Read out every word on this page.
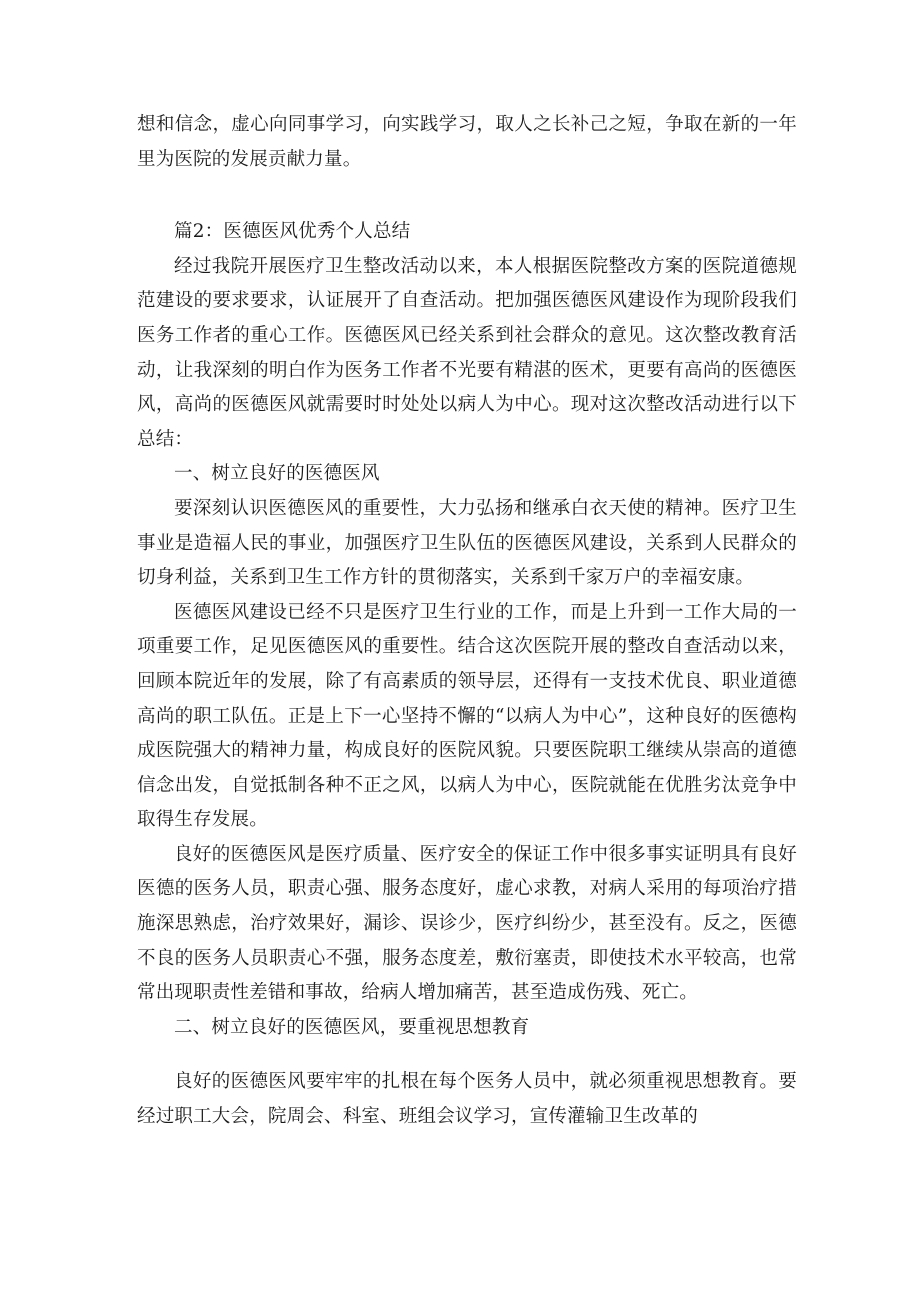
想和信念，虚心向同事学习，向实践学习，取人之长补己之短，争取在新的一年里为医院的发展贡献力量。

篇2：医德医风优秀个人总结

经过我院开展医疗卫生整改活动以来，本人根据医院整改方案的医院道德规范建设的要求要求，认证展开了自查活动。把加强医德医风建设作为现阶段我们医务工作者的重心工作。医德医风已经关系到社会群众的意见。这次整改教育活动，让我深刻的明白作为医务工作者不光要有精湛的医术，更要有高尚的医德医风，高尚的医德医风就需要时时处处以病人为中心。现对这次整改活动进行以下总结：

一、树立良好的医德医风

要深刻认识医德医风的重要性，大力弘扬和继承白衣天使的精神。医疗卫生事业是造福人民的事业，加强医疗卫生队伍的医德医风建设，关系到人民群众的切身利益，关系到卫生工作方针的贯彻落实，关系到千家万户的幸福安康。

医德医风建设已经不只是医疗卫生行业的工作，而是上升到一工作大局的一项重要工作，足见医德医风的重要性。结合这次医院开展的整改自查活动以来，回顾本院近年的发展，除了有高素质的领导层，还得有一支技术优良、职业道德高尚的职工队伍。正是上下一心坚持不懈的“以病人为中心”，这种良好的医德构成医院强大的精神力量，构成良好的医院风貌。只要医院职工继续从崇高的道德信念出发，自觉抵制各种不正之风，以病人为中心，医院就能在优胜劣汰竞争中取得生存发展。

良好的医德医风是医疗质量、医疗安全的保证工作中很多事实证明具有良好医德的医务人员，职责心强、服务态度好，虚心求教，对病人采用的每项治疗措施深思熟虑，治疗效果好，漏诊、误诊少，医疗纠纷少，甚至没有。反之，医德不良的医务人员职责心不强，服务态度差，敷衍塞责，即使技术水平较高，也常常出现职责性差错和事故，给病人增加痛苦，甚至造成伤残、死亡。

二、树立良好的医德医风，要重视思想教育

良好的医德医风要牢牢的扎根在每个医务人员中，就必须重视思想教育。要经过职工大会，院周会、科室、班组会议学习，宣传灌输卫生改革的
